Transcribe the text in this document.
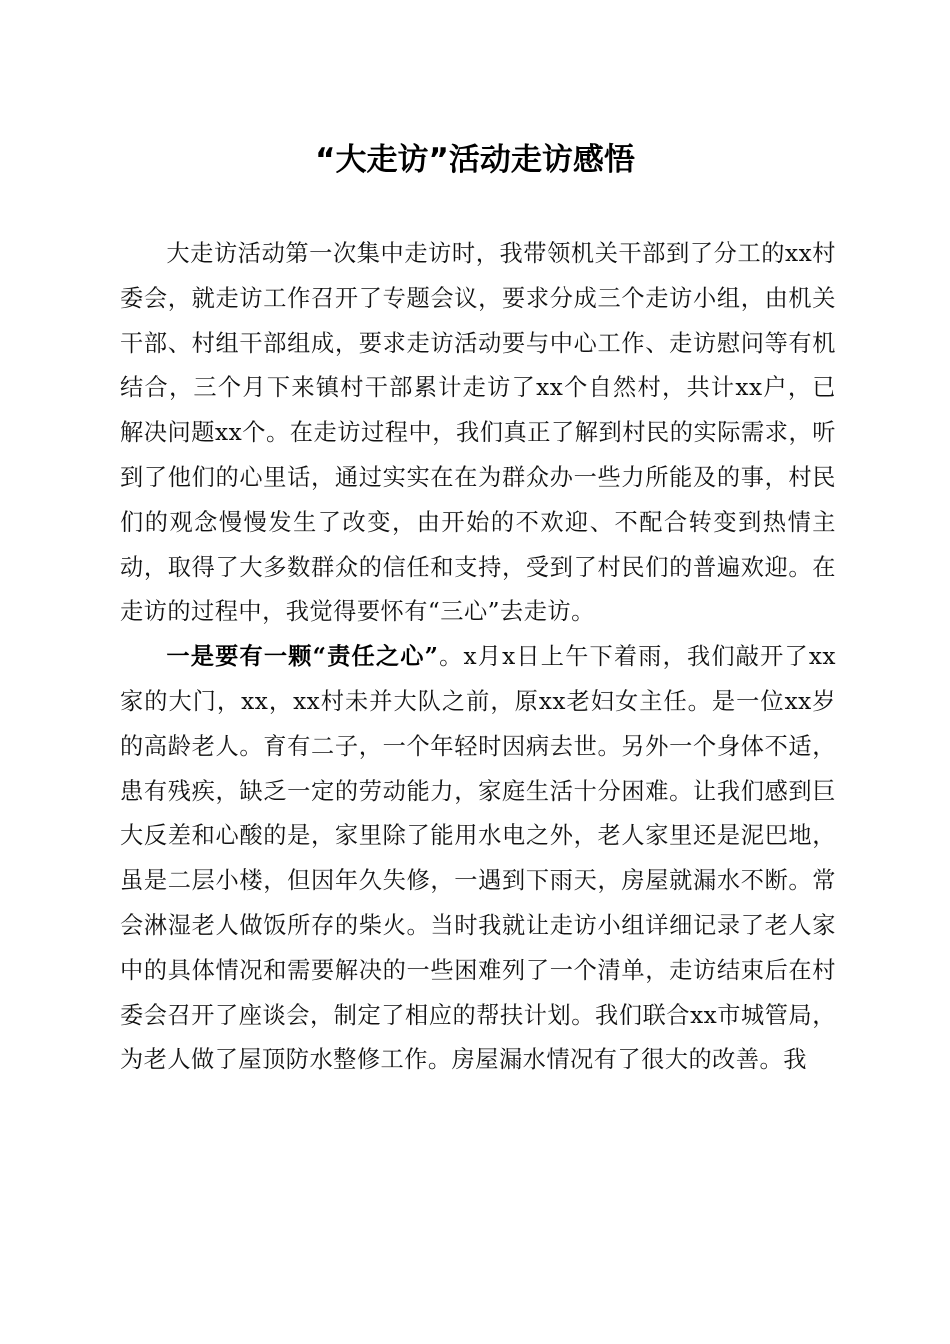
“大走访”活动走访感悟

大走访活动第一次集中走访时，我带领机关干部到了分工的xx村委会，就走访工作召开了专题会议，要求分成三个走访小组，由机关干部、村组干部组成，要求走访活动要与中心工作、走访慰问等有机结合，三个月下来镇村干部累计走访了xx个自然村，共计xx户，已解决问题xx个。在走访过程中，我们真正了解到村民的实际需求，听到了他们的心里话，通过实实在在为群众办一些力所能及的事，村民们的观念慢慢发生了改变，由开始的不欢迎、不配合转变到热情主动，取得了大多数群众的信任和支持，受到了村民们的普遍欢迎。在走访的过程中，我觉得要怀有“三心”去走访。

一是要有一颗“责任之心”。x月x日上午下着雨，我们敲开了xx家的大门，xx，xx村未并大队之前，原xx老妇女主任。是一位xx岁的高龄老人。育有二子，一个年轻时因病去世。另外一个身体不适，患有残疾，缺乏一定的劳动能力，家庭生活十分困难。让我们感到巨大反差和心酸的是，家里除了能用水电之外，老人家里还是泥巴地，虽是二层小楼，但因年久失修，一遇到下雨天，房屋就漏水不断。常会淋湿老人做饭所存的柴火。当时我就让走访小组详细记录了老人家中的具体情况和需要解决的一些困难列了一个清单，走访结束后在村委会召开了座谈会，制定了相应的帮扶计划。我们联合xx市城管局，为老人做了屋顶防水整修工作。房屋漏水情况有了很大的改善。我
